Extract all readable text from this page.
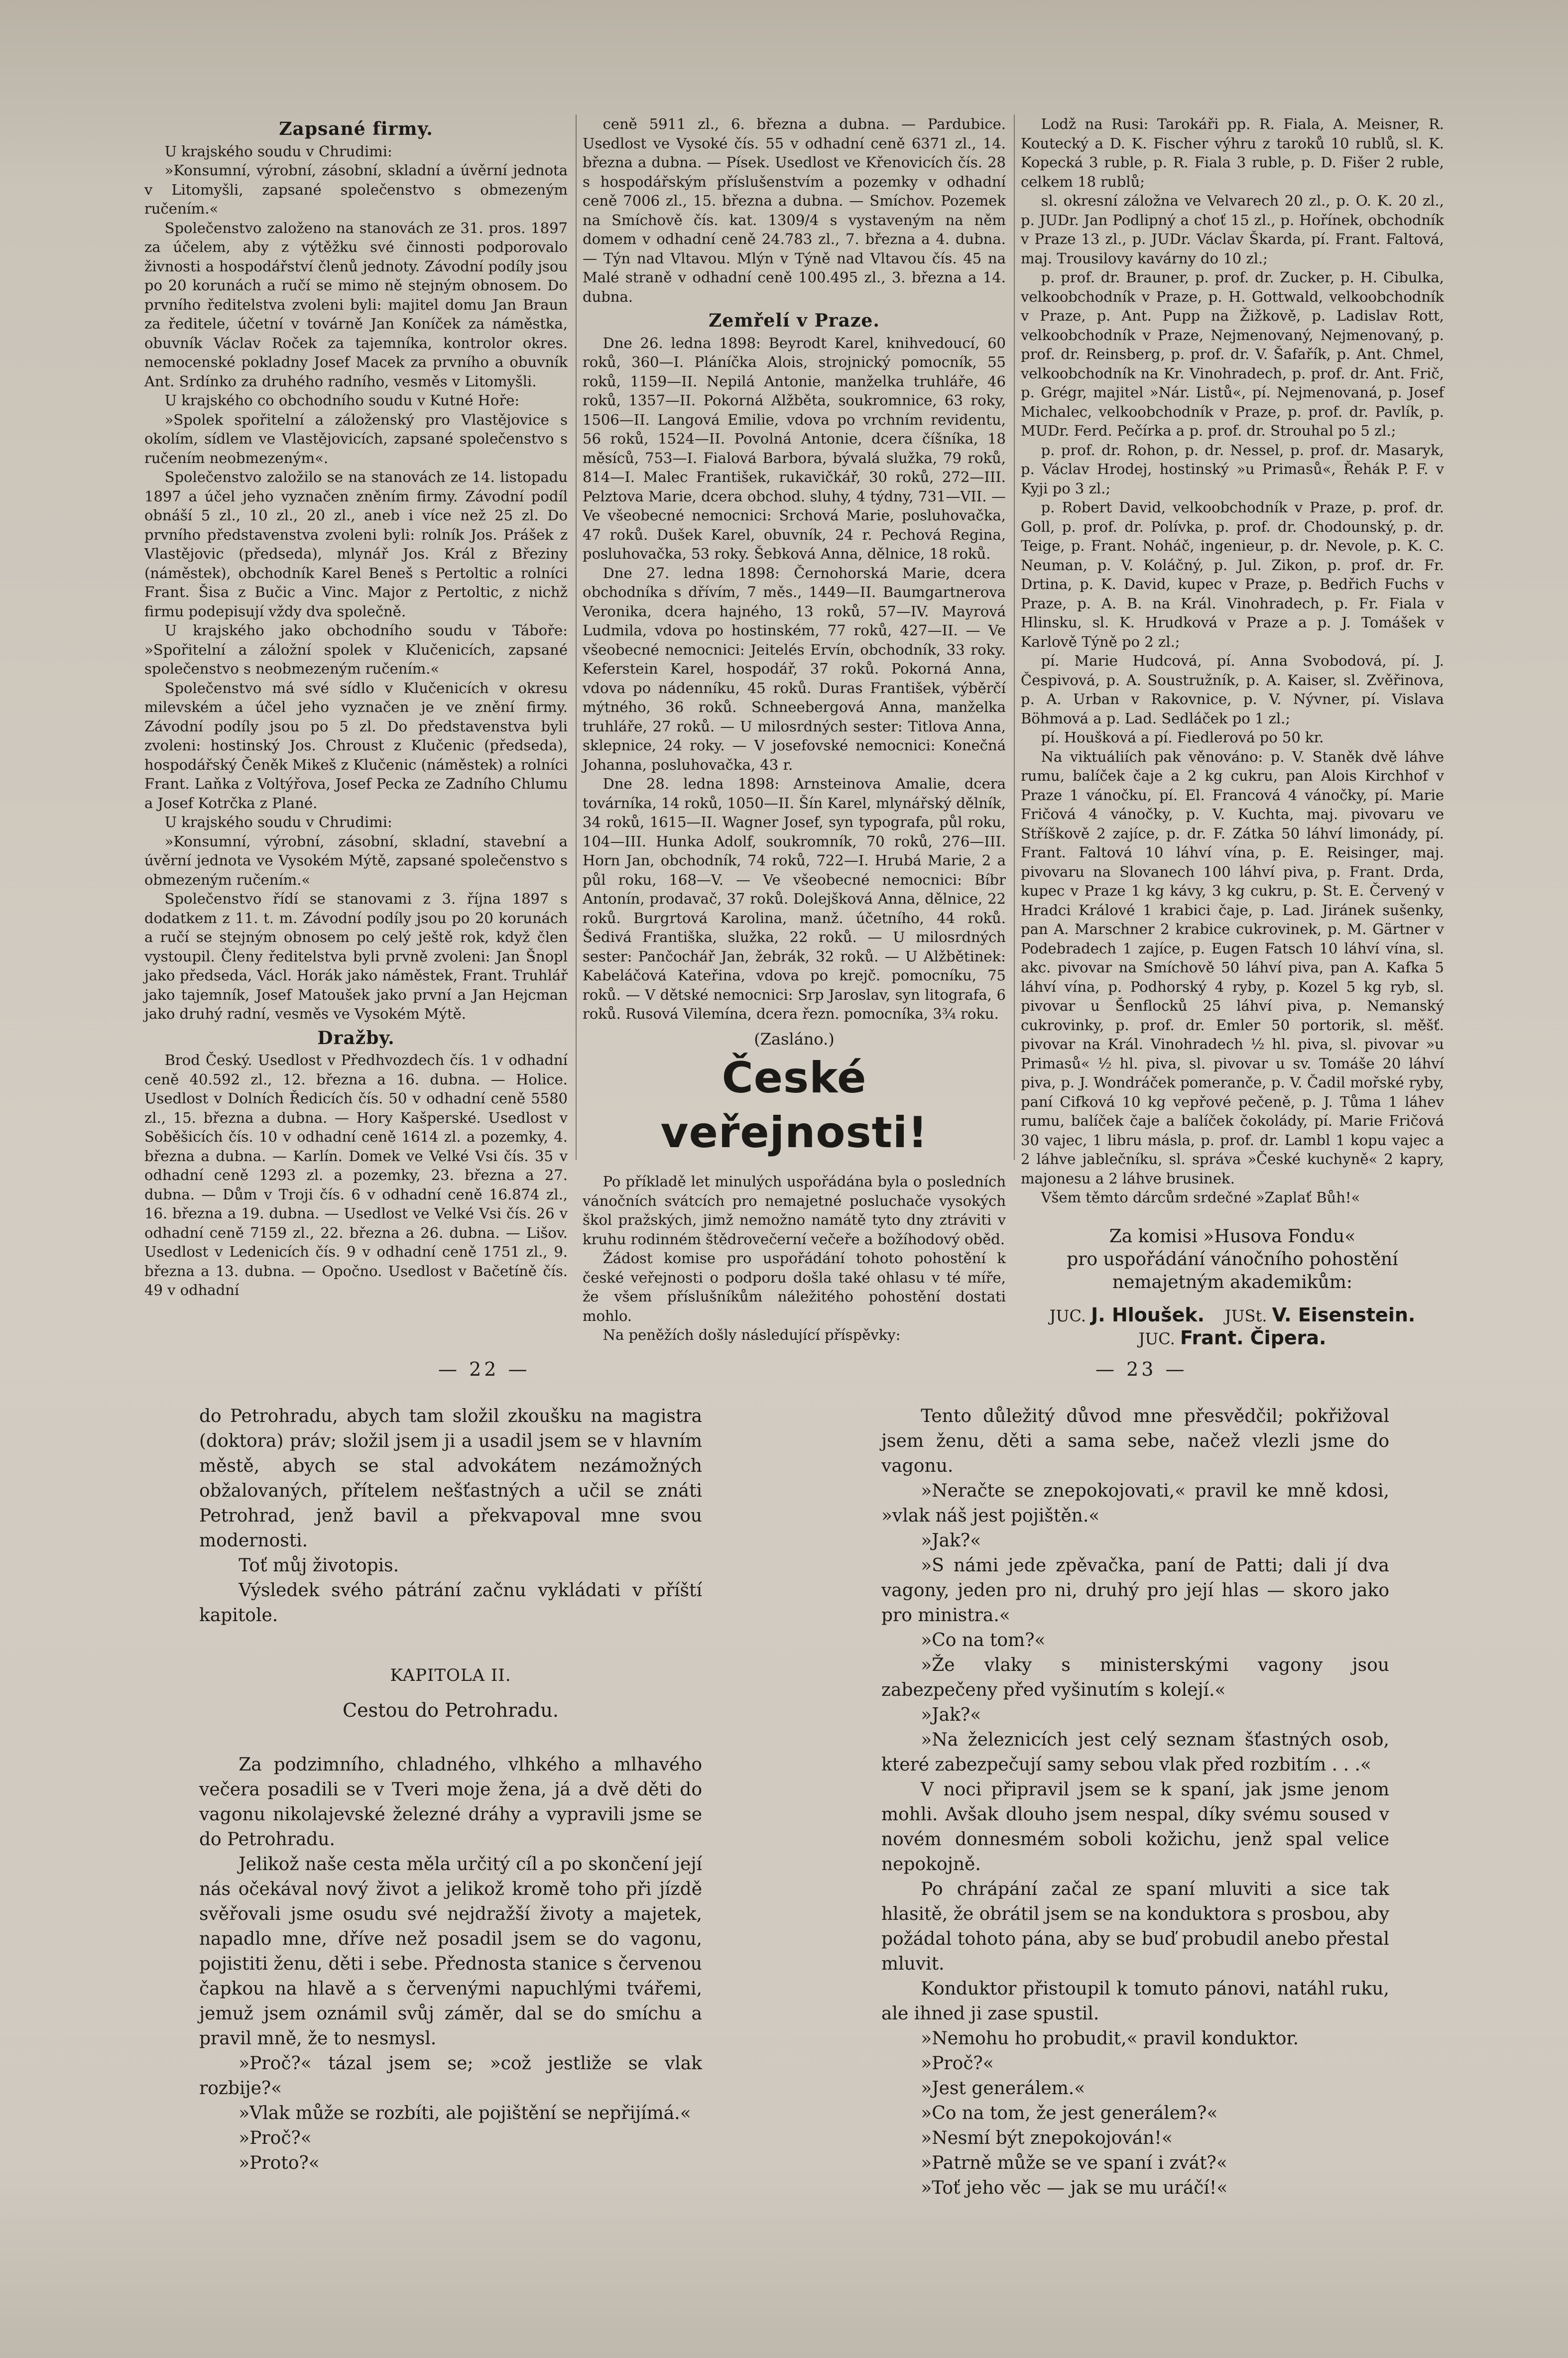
Zapsané firmy.

U krajského soudu v Chrudimi:

»Konsumní, výrobní, zásobní, skladní a úvěrní jednota v Litomyšli, zapsané společenstvo s obmezeným ručením.«

Společenstvo založeno na stanovách ze 31. pros. 1897 za účelem, aby z výtěžku své činnosti podporovalo živnosti a hospodářství členů jednoty. Závodní podíly jsou po 20 korunách a ručí se mimo ně stejným obnosem. Do prvního ředitelstva zvoleni byli: majitel domu Jan Braun za ředitele, účetní v továrně Jan Koníček za náměstka, obuvník Václav Roček za tajemníka, kontrolor okres. nemocenské pokladny Josef Macek za prvního a obuvník Ant. Srdínko za druhého radního, vesměs v Litomyšli.

U krajského co obchodního soudu v Kutné Hoře:

»Spolek spořitelní a záloženský pro Vlastějovice s okolím, sídlem ve Vlastějovicích, zapsané společenstvo s ručením neobmezeným«.

Společenstvo založilo se na stanovách ze 14. listopadu 1897 a účel jeho vyznačen zněním firmy. Závodní podíl obnáší 5 zl., 10 zl., 20 zl., aneb i více než 25 zl. Do prvního představenstva zvoleni byli: rolník Jos. Prášek z Vlastějovic (předseda), mlynář Jos. Král z Březiny (náměstek), obchodník Karel Beneš s Pertoltic a rolníci Frant. Šisa z Bučic a Vinc. Major z Pertoltic, z nichž firmu podepisují vždy dva společně.

U krajského jako obchodního soudu v Táboře: »Spořitelní a záložní spolek v Klučenicích, zapsané společenstvo s neobmezeným ručením.«

Společenstvo má své sídlo v Klučenicích v okresu milevském a účel jeho vyznačen je ve znění firmy. Závodní podíly jsou po 5 zl. Do představenstva byli zvoleni: hostinský Jos. Chroust z Klučenic (předseda), hospodářský Čeněk Mikeš z Klučenic (náměstek) a rolníci Frant. Laňka z Voltýřova, Josef Pecka ze Zadního Chlumu a Josef Kotrčka z Plané.

U krajského soudu v Chrudimi:

»Konsumní, výrobní, zásobní, skladní, stavební a úvěrní jednota ve Vysokém Mýtě, zapsané společenstvo s obmezeným ručením.«

Společenstvo řídí se stanovami z 3. října 1897 s dodatkem z 11. t. m. Závodní podíly jsou po 20 korunách a ručí se stejným obnosem po celý ještě rok, když člen vystoupil. Členy ředitelstva byli prvně zvoleni: Jan Šnopl jako předseda, Václ. Horák jako náměstek, Frant. Truhlář jako tajemník, Josef Matoušek jako první a Jan Hejcman jako druhý radní, vesměs ve Vysokém Mýtě.

Dražby.

Brod Český. Usedlost v Předhvozdech čís. 1 v odhadní ceně 40.592 zl., 12. března a 16. dubna. — Holice. Usedlost v Dolních Ředicích čís. 50 v odhadní ceně 5580 zl., 15. března a dubna. — Hory Kašperské. Usedlost v Soběšicích čís. 10 v odhadní ceně 1614 zl. a pozemky, 4. března a dubna. — Karlín. Domek ve Velké Vsi čís. 35 v odhadní ceně 1293 zl. a pozemky, 23. března a 27. dubna. — Dům v Troji čís. 6 v odhadní ceně 16.874 zl., 16. března a 19. dubna. — Usedlost ve Velké Vsi čís. 26 v odhadní ceně 7159 zl., 22. března a 26. dubna. — Lišov. Usedlost v Ledenicích čís. 9 v odhadní ceně 1751 zl., 9. března a 13. dubna. — Opočno. Usedlost v Bačetíně čís. 49 v odhadní

ceně 5911 zl., 6. března a dubna. — Pardubice. Usedlost ve Vysoké čís. 55 v odhadní ceně 6371 zl., 14. března a dubna. — Písek. Usedlost ve Křenovicích čís. 28 s hospodářským příslušenstvím a pozemky v odhadní ceně 7006 zl., 15. března a dubna. — Smíchov. Pozemek na Smíchově čís. kat. 1309/4 s vystaveným na něm domem v odhadní ceně 24.783 zl., 7. března a 4. dubna. — Týn nad Vltavou. Mlýn v Týně nad Vltavou čís. 45 na Malé straně v odhadní ceně 100.495 zl., 3. března a 14. dubna.

Zemřelí v Praze.

Dne 26. ledna 1898: Beyrodt Karel, knihvedoucí, 60 roků, 360—I. Pláníčka Alois, strojnický pomocník, 55 roků, 1159—II. Nepilá Antonie, manželka truhláře, 46 roků, 1357—II. Pokorná Alžběta, soukromnice, 63 roky, 1506—II. Langová Emilie, vdova po vrchním revidentu, 56 roků, 1524—II. Povolná Antonie, dcera číšníka, 18 měsíců, 753—I. Fialová Barbora, bývalá služka, 79 roků, 814—I. Malec František, rukavičkář, 30 roků, 272—III. Pelztova Marie, dcera obchod. sluhy, 4 týdny, 731—VII. — Ve všeobecné nemocnici: Srchová Marie, posluhovačka, 47 roků. Dušek Karel, obuvník, 24 r. Pechová Regina, posluhovačka, 53 roky. Šebková Anna, dělnice, 18 roků.

Dne 27. ledna 1898: Černohorská Marie, dcera obchodníka s dřívím, 7 měs., 1449—II. Baumgartnerova Veronika, dcera hajného, 13 roků, 57—IV. Mayrová Ludmila, vdova po hostinském, 77 roků, 427—II. — Ve všeobecné nemocnici: Jeitelés Ervín, obchodník, 33 roky. Keferstein Karel, hospodář, 37 roků. Pokorná Anna, vdova po nádenníku, 45 roků. Duras František, výběrčí mýtného, 36 roků. Schneebergová Anna, manželka truhláře, 27 roků. — U milosrdných sester: Titlova Anna, sklepnice, 24 roky. — V josefovské nemocnici: Konečná Johanna, posluhovačka, 43 r.

Dne 28. ledna 1898: Arnsteinova Amalie, dcera továrníka, 14 roků, 1050—II. Šín Karel, mlynářský dělník, 34 roků, 1615—II. Wagner Josef, syn typografa, půl roku, 104—III. Hunka Adolf, soukromník, 70 roků, 276—III. Horn Jan, obchodník, 74 roků, 722—I. Hrubá Marie, 2 a půl roku, 168—V. — Ve všeobecné nemocnici: Bíbr Antonín, prodavač, 37 roků. Dolejšková Anna, dělnice, 22 roků. Burgrtová Karolina, manž. účetního, 44 roků. Šedivá Františka, služka, 22 roků. — U milosrdných sester: Pančochář Jan, žebrák, 32 roků. — U Alžbětinek: Kabeláčová Kateřina, vdova po krejč. pomocníku, 75 roků. — V dětské nemocnici: Srp Jaroslav, syn litografa, 6 roků. Rusová Vilemína, dcera řezn. pomocníka, 3¾ roku.

(Zasláno.)
České veřejnosti!

Po příkladě let minulých uspořádána byla o posledních vánočních svátcích pro nemajetné posluchače vysokých škol pražských, jimž nemožno namátě tyto dny ztráviti v kruhu rodinném štědrovečerní večeře a božíhodový oběd.

Žádost komise pro uspořádání tohoto pohostění k české veřejnosti o podporu došla také ohlasu v té míře, že všem příslušníkům náležitého pohostění dostati mohlo.

Na peněžích došly následující příspěvky:

Lodž na Rusi: Tarokáři pp. R. Fiala, A. Meisner, R. Koutecký a D. K. Fischer výhru z taroků 10 rublů, sl. K. Kopecká 3 ruble, p. R. Fiala 3 ruble, p. D. Fišer 2 ruble, celkem 18 rublů;

sl. okresní záložna ve Velvarech 20 zl., p. O. K. 20 zl., p. JUDr. Jan Podlipný a choť 15 zl., p. Hořínek, obchodník v Praze 13 zl., p. JUDr. Václav Škarda, pí. Frant. Faltová, maj. Trousilovy kavárny do 10 zl.;

p. prof. dr. Brauner, p. prof. dr. Zucker, p. H. Cibulka, velkoobchodník v Praze, p. H. Gottwald, velkoobchodník v Praze, p. Ant. Pupp na Žižkově, p. Ladislav Rott, velkoobchodník v Praze, Nejmenovaný, Nejmenovaný, p. prof. dr. Reinsberg, p. prof. dr. V. Šafařík, p. Ant. Chmel, velkoobchodník na Kr. Vinohradech, p. prof. dr. Ant. Frič, p. Grégr, majitel »Nár. Listů«, pí. Nejmenovaná, p. Josef Michalec, velkoobchodník v Praze, p. prof. dr. Pavlík, p. MUDr. Ferd. Pečírka a p. prof. dr. Strouhal po 5 zl.;

p. prof. dr. Rohon, p. dr. Nessel, p. prof. dr. Masaryk, p. Václav Hrodej, hostinský »u Primasů«, Řehák P. F. v Kyji po 3 zl.;

p. Robert David, velkoobchodník v Praze, p. prof. dr. Goll, p. prof. dr. Polívka, p. prof. dr. Chodounský, p. dr. Teige, p. Frant. Noháč, ingenieur, p. dr. Nevole, p. K. C. Neuman, p. V. Koláčný, p. Jul. Zikon, p. prof. dr. Fr. Drtina, p. K. David, kupec v Praze, p. Bedřich Fuchs v Praze, p. A. B. na Král. Vinohradech, p. Fr. Fiala v Hlinsku, sl. K. Hrudková v Praze a p. J. Tomášek v Karlově Týně po 2 zl.;

pí. Marie Hudcová, pí. Anna Svobodová, pí. J. Čespivová, p. A. Soustružník, p. A. Kaiser, sl. Zvěřinova, p. A. Urban v Rakovnice, p. V. Nývner, pí. Vislava Böhmová a p. Lad. Sedláček po 1 zl.;

pí. Houšková a pí. Fiedlerová po 50 kr.

Na viktuáliích pak věnováno: p. V. Staněk dvě láhve rumu, balíček čaje a 2 kg cukru, pan Alois Kirchhof v Praze 1 vánočku, pí. El. Francová 4 vánočky, pí. Marie Fričová 4 vánočky, p. V. Kuchta, maj. pivovaru ve Stříškově 2 zajíce, p. dr. F. Zátka 50 láhví limonády, pí. Frant. Faltová 10 láhví vína, p. E. Reisinger, maj. pivovaru na Slovanech 100 láhví piva, p. Frant. Drda, kupec v Praze 1 kg kávy, 3 kg cukru, p. St. E. Červený v Hradci Králové 1 krabici čaje, p. Lad. Jiránek sušenky, pan A. Marschner 2 krabice cukrovinek, p. M. Gärtner v Podebradech 1 zajíce, p. Eugen Fatsch 10 láhví vína, sl. akc. pivovar na Smíchově 50 láhví piva, pan A. Kafka 5 láhví vína, p. Podhorský 4 ryby, p. Kozel 5 kg ryb, sl. pivovar u Šenflocků 25 láhví piva, p. Nemanský cukrovinky, p. prof. dr. Emler 50 portorik, sl. měšť. pivovar na Král. Vinohradech ½ hl. piva, sl. pivovar »u Primasů« ½ hl. piva, sl. pivovar u sv. Tomáše 20 láhví piva, p. J. Wondráček pomeranče, p. V. Čadil mořské ryby, paní Cifková 10 kg vepřové pečeně, p. J. Tůma 1 láhev rumu, balíček čaje a balíček čokolády, pí. Marie Fričová 30 vajec, 1 libru másla, p. prof. dr. Lambl 1 kopu vajec a 2 láhve jablečníku, sl. správa »České kuchyně« 2 kapry, majonesu a 2 láhve brusinek.

Všem těmto dárcům srdečné »Zaplať Bůh!«

Za komisi »Husova Fondu«
pro uspořádání vánočního pohostění nemajetným akademikům:
JUC. J. Hloušek. JUSt. V. Eisenstein.
JUC. Frant. Čipera.
— 22 —	— 23 —

do Petrohradu, abych tam složil zkoušku na magistra (doktora) práv; složil jsem ji a usadil jsem se v hlavním městě, abych se stal advokátem nezámožných obžalovaných, přítelem nešťastných a učil se znáti Petrohrad, jenž bavil a překvapoval mne svou modernosti.

Toť můj životopis.

Výsledek svého pátrání začnu vykládati v příští kapitole.

KAPITOLA II.

Cestou do Petrohradu.

Za podzimního, chladného, vlhkého a mlhavého večera posadili se v Tveri moje žena, já a dvě děti do vagonu nikolajevské železné dráhy a vypravili jsme se do Petrohradu.

Jelikož naše cesta měla určitý cíl a po skončení její nás očekával nový život a jelikož kromě toho při jízdě svěřovali jsme osudu své nejdražší životy a majetek, napadlo mne, dříve než posadil jsem se do vagonu, pojistiti ženu, děti i sebe. Přednosta stanice s červenou čapkou na hlavě a s červenými napuchlými tvářemi, jemuž jsem oznámil svůj záměr, dal se do smíchu a pravil mně, že to nesmysl.

»Proč?« tázal jsem se; »což jestliže se vlak rozbije?«

»Vlak může se rozbíti, ale pojištění se nepřijímá.«

»Proč?«

»Proto?«

Tento důležitý důvod mne přesvědčil; pokřižoval jsem ženu, děti a sama sebe, načež vlezli jsme do vagonu.

»Neračte se znepokojovati,« pravil ke mně kdosi, »vlak náš jest pojištěn.«

»Jak?«

»S námi jede zpěvačka, paní de Patti; dali jí dva vagony, jeden pro ni, druhý pro její hlas — skoro jako pro ministra.«

»Co na tom?«

»Že vlaky s ministerskými vagony jsou zabezpečeny před vyšinutím s kolejí.«

»Jak?«

»Na železnicích jest celý seznam šťastných osob, které zabezpečují samy sebou vlak před rozbitím . . .«

V noci připravil jsem se k spaní, jak jsme jenom mohli. Avšak dlouho jsem nespal, díky svému soused v novém donnesmém soboli kožichu, jenž spal velice nepokojně.

Po chrápání začal ze spaní mluviti a sice tak hlasitě, že obrátil jsem se na konduktora s prosbou, aby požádal tohoto pána, aby se buď probudil anebo přestal mluvit.

Konduktor přistoupil k tomuto pánovi, natáhl ruku, ale ihned ji zase spustil.

»Nemohu ho probudit,« pravil konduktor.

»Proč?«

»Jest generálem.«

»Co na tom, že jest generálem?«

»Nesmí být znepokojován!«

»Patrně může se ve spaní i zvát?«

»Toť jeho věc — jak se mu uráčí!«
